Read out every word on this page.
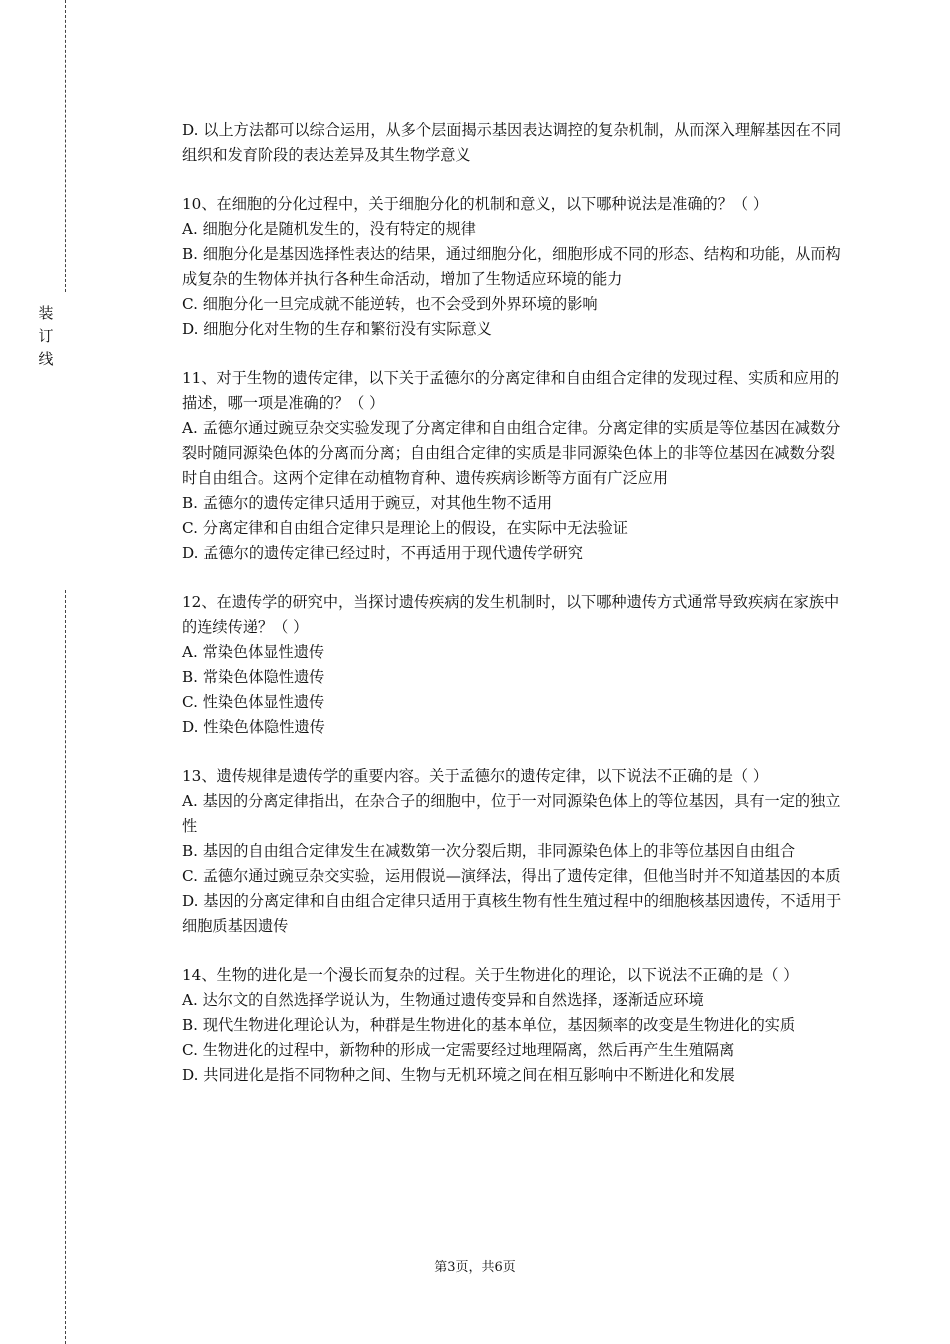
装
订
线

D. 以上方法都可以综合运用，从多个层面揭示基因表达调控的复杂机制，从而深入理解基因在不同组织和发育阶段的表达差异及其生物学意义

10、在细胞的分化过程中，关于细胞分化的机制和意义，以下哪种说法是准确的？（ ）

A. 细胞分化是随机发生的，没有特定的规律

B. 细胞分化是基因选择性表达的结果，通过细胞分化，细胞形成不同的形态、结构和功能，从而构成复杂的生物体并执行各种生命活动，增加了生物适应环境的能力

C. 细胞分化一旦完成就不能逆转，也不会受到外界环境的影响

D. 细胞分化对生物的生存和繁衍没有实际意义

11、对于生物的遗传定律，以下关于孟德尔的分离定律和自由组合定律的发现过程、实质和应用的描述，哪一项是准确的？（ ）

A. 孟德尔通过豌豆杂交实验发现了分离定律和自由组合定律。分离定律的实质是等位基因在减数分裂时随同源染色体的分离而分离；自由组合定律的实质是非同源染色体上的非等位基因在减数分裂时自由组合。这两个定律在动植物育种、遗传疾病诊断等方面有广泛应用

B. 孟德尔的遗传定律只适用于豌豆，对其他生物不适用

C. 分离定律和自由组合定律只是理论上的假设，在实际中无法验证

D. 孟德尔的遗传定律已经过时，不再适用于现代遗传学研究

12、在遗传学的研究中，当探讨遗传疾病的发生机制时，以下哪种遗传方式通常导致疾病在家族中的连续传递？（ ）

A. 常染色体显性遗传

B. 常染色体隐性遗传

C. 性染色体显性遗传

D. 性染色体隐性遗传

13、遗传规律是遗传学的重要内容。关于孟德尔的遗传定律，以下说法不正确的是（ ）

A. 基因的分离定律指出，在杂合子的细胞中，位于一对同源染色体上的等位基因，具有一定的独立性

B. 基因的自由组合定律发生在减数第一次分裂后期，非同源染色体上的非等位基因自由组合

C. 孟德尔通过豌豆杂交实验，运用假说—演绎法，得出了遗传定律，但他当时并不知道基因的本质

D. 基因的分离定律和自由组合定律只适用于真核生物有性生殖过程中的细胞核基因遗传，不适用于细胞质基因遗传

14、生物的进化是一个漫长而复杂的过程。关于生物进化的理论，以下说法不正确的是（ ）

A. 达尔文的自然选择学说认为，生物通过遗传变异和自然选择，逐渐适应环境

B. 现代生物进化理论认为，种群是生物进化的基本单位，基因频率的改变是生物进化的实质

C. 生物进化的过程中，新物种的形成一定需要经过地理隔离，然后再产生生殖隔离

D. 共同进化是指不同物种之间、生物与无机环境之间在相互影响中不断进化和发展

第3页，共6页
